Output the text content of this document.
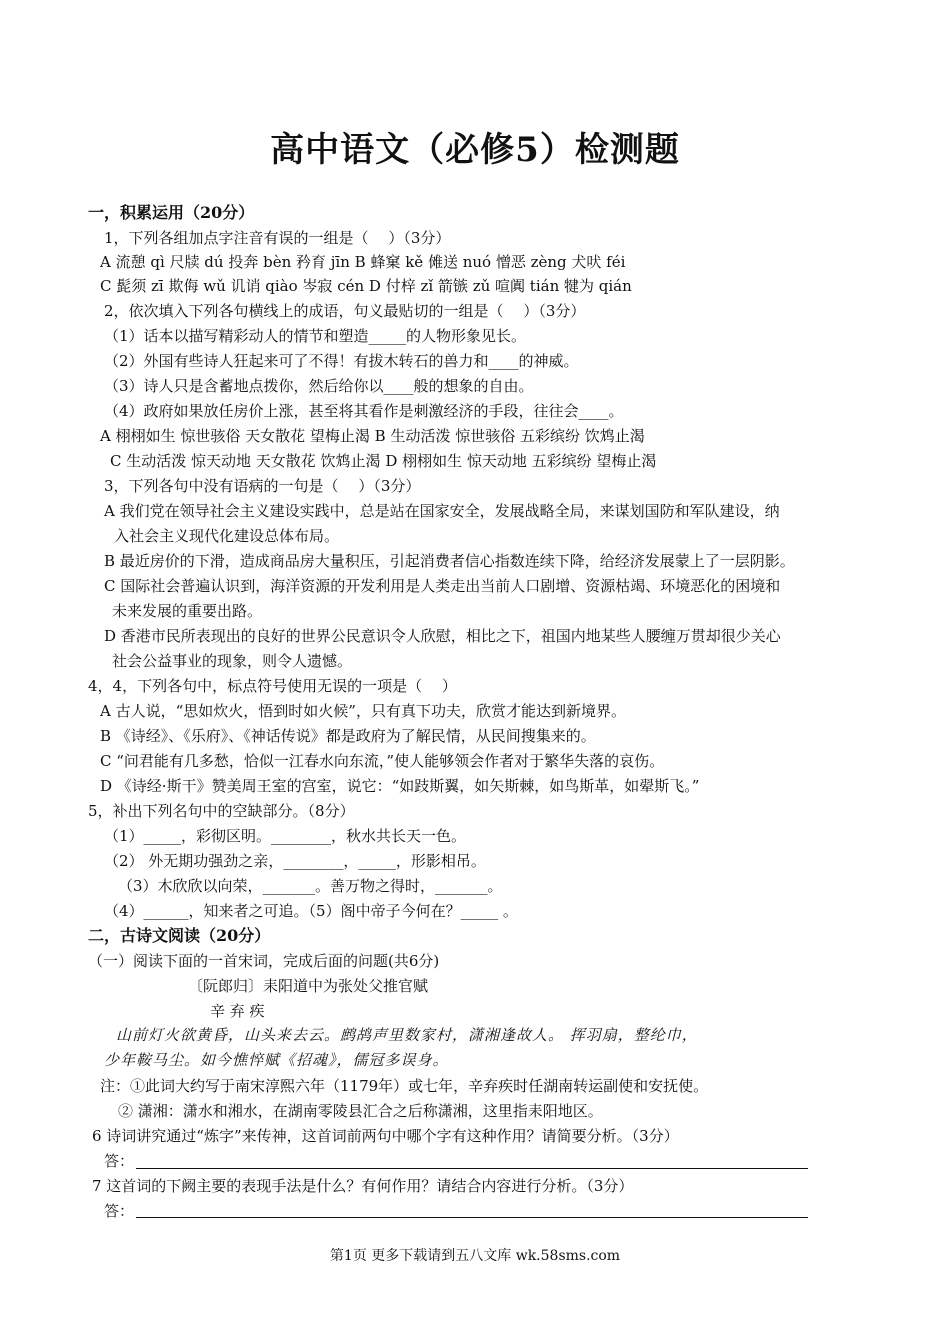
高中语文（必修5）检测题
一，积累运用（20分）
1，下列各组加点字注音有误的一组是（　 ）（3分）
A 流憩 qì 尺牍 dú 投奔 bèn 矜育 jīn B 蜂窠 kě 傩送 nuó 憎恶 zèng 犬吠 féi
C 髭须 zī 欺侮 wǔ 讥诮 qiào 岑寂 cén D 付梓 zǐ 箭镞 zǔ 喧阗 tián 犍为 qián
2，依次填入下列各句横线上的成语，句义最贴切的一组是（　 ）（3分）
（1）话本以描写精彩动人的情节和塑造_____的人物形象见长。
（2）外国有些诗人狂起来可了不得！有拔木转石的兽力和____的神威。
（3）诗人只是含蓄地点拨你，然后给你以____般的想象的自由。
（4）政府如果放任房价上涨，甚至将其看作是刺激经济的手段，往往会____。
A 栩栩如生 惊世骇俗 天女散花 望梅止渴 B 生动活泼 惊世骇俗 五彩缤纷 饮鸩止渴
C 生动活泼 惊天动地 天女散花 饮鸩止渴 D 栩栩如生 惊天动地 五彩缤纷 望梅止渴
3，下列各句中没有语病的一句是（　 ）（3分）
A 我们党在领导社会主义建设实践中，总是站在国家安全，发展战略全局，来谋划国防和军队建设，纳
入社会主义现代化建设总体布局。
B 最近房价的下滑，造成商品房大量积压，引起消费者信心指数连续下降，给经济发展蒙上了一层阴影。
C 国际社会普遍认识到，海洋资源的开发利用是人类走出当前人口剧增、资源枯竭、环境恶化的困境和
未来发展的重要出路。
D 香港市民所表现出的良好的世界公民意识令人欣慰，相比之下，祖国内地某些人腰缠万贯却很少关心
社会公益事业的现象，则令人遗憾。
4，4，下列各句中，标点符号使用无误的一项是（　 ）
A 古人说，“思如炊火，悟到时如火候”，只有真下功夫，欣赏才能达到新境界。
B 《诗经》、《乐府》、《神话传说》都是政府为了解民情，从民间搜集来的。
C “问君能有几多愁，恰似一江春水向东流，”使人能够领会作者对于繁华失落的哀伤。
D 《诗经·斯干》赞美周王室的宫室，说它：“如跂斯翼，如矢斯棘，如鸟斯革，如翚斯飞。”
5，补出下列名句中的空缺部分。（8分）
（1）_____，彩彻区明。________，秋水共长天一色。
（2） 外无期功强劲之亲，________，_____，形影相吊。
（3）木欣欣以向荣，_______。善万物之得时，_______。
（4）______，知来者之可追。（5）阁中帝子今何在？_____ 。
二，古诗文阅读（20分）
（一）阅读下面的一首宋词，完成后面的问题(共6分)
〔阮郎归〕耒阳道中为张处父推官赋
辛 弃 疾
山前灯火欲黄昏，山头来去云。鹧鸪声里数家村，潇湘逢故人。 挥羽扇，整纶巾，
少年鞍马尘。如今憔悴赋《招魂》，儒冠多误身。
注：①此词大约写于南宋淳熙六年（1179年）或七年，辛弃疾时任湖南转运副使和安抚使。
② 潇湘：潇水和湘水，在湖南零陵县汇合之后称潇湘，这里指耒阳地区。
6 诗词讲究通过“炼字”来传神，这首词前两句中哪个字有这种作用？请简要分析。（3分）
答：
7 这首词的下阙主要的表现手法是什么？有何作用？请结合内容进行分析。（3分）
答：
第1页 更多下载请到五八文库 wk.58sms.com
